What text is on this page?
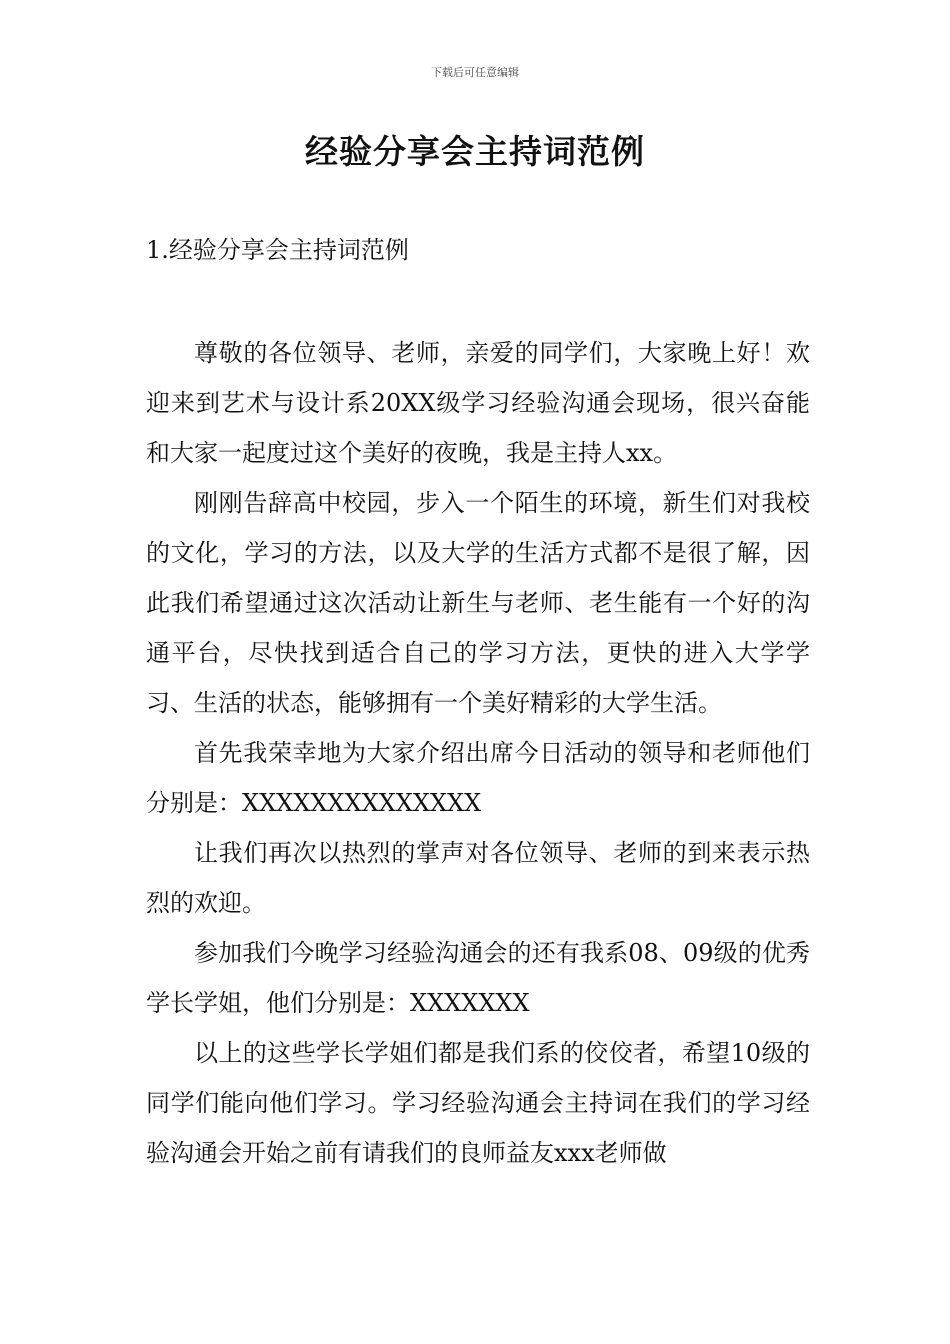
下载后可任意编辑
经验分享会主持词范例
1.经验分享会主持词范例

尊敬的各位领导、老师，亲爱的同学们，大家晚上好！欢迎来到艺术与设计系20XX级学习经验沟通会现场，很兴奋能和大家一起度过这个美好的夜晚，我是主持人xx。

刚刚告辞高中校园，步入一个陌生的环境，新生们对我校的文化，学习的方法，以及大学的生活方式都不是很了解，因此我们希望通过这次活动让新生与老师、老生能有一个好的沟通平台，尽快找到适合自己的学习方法，更快的进入大学学习、生活的状态，能够拥有一个美好精彩的大学生活。

首先我荣幸地为大家介绍出席今日活动的领导和老师他们分别是：XXXXXXXXXXXXXX

让我们再次以热烈的掌声对各位领导、老师的到来表示热烈的欢迎。

参加我们今晚学习经验沟通会的还有我系08、09级的优秀学长学姐，他们分别是：XXXXXXX

以上的这些学长学姐们都是我们系的佼佼者，希望10级的同学们能向他们学习。学习经验沟通会主持词在我们的学习经验沟通会开始之前有请我们的良师益友xxx老师做
